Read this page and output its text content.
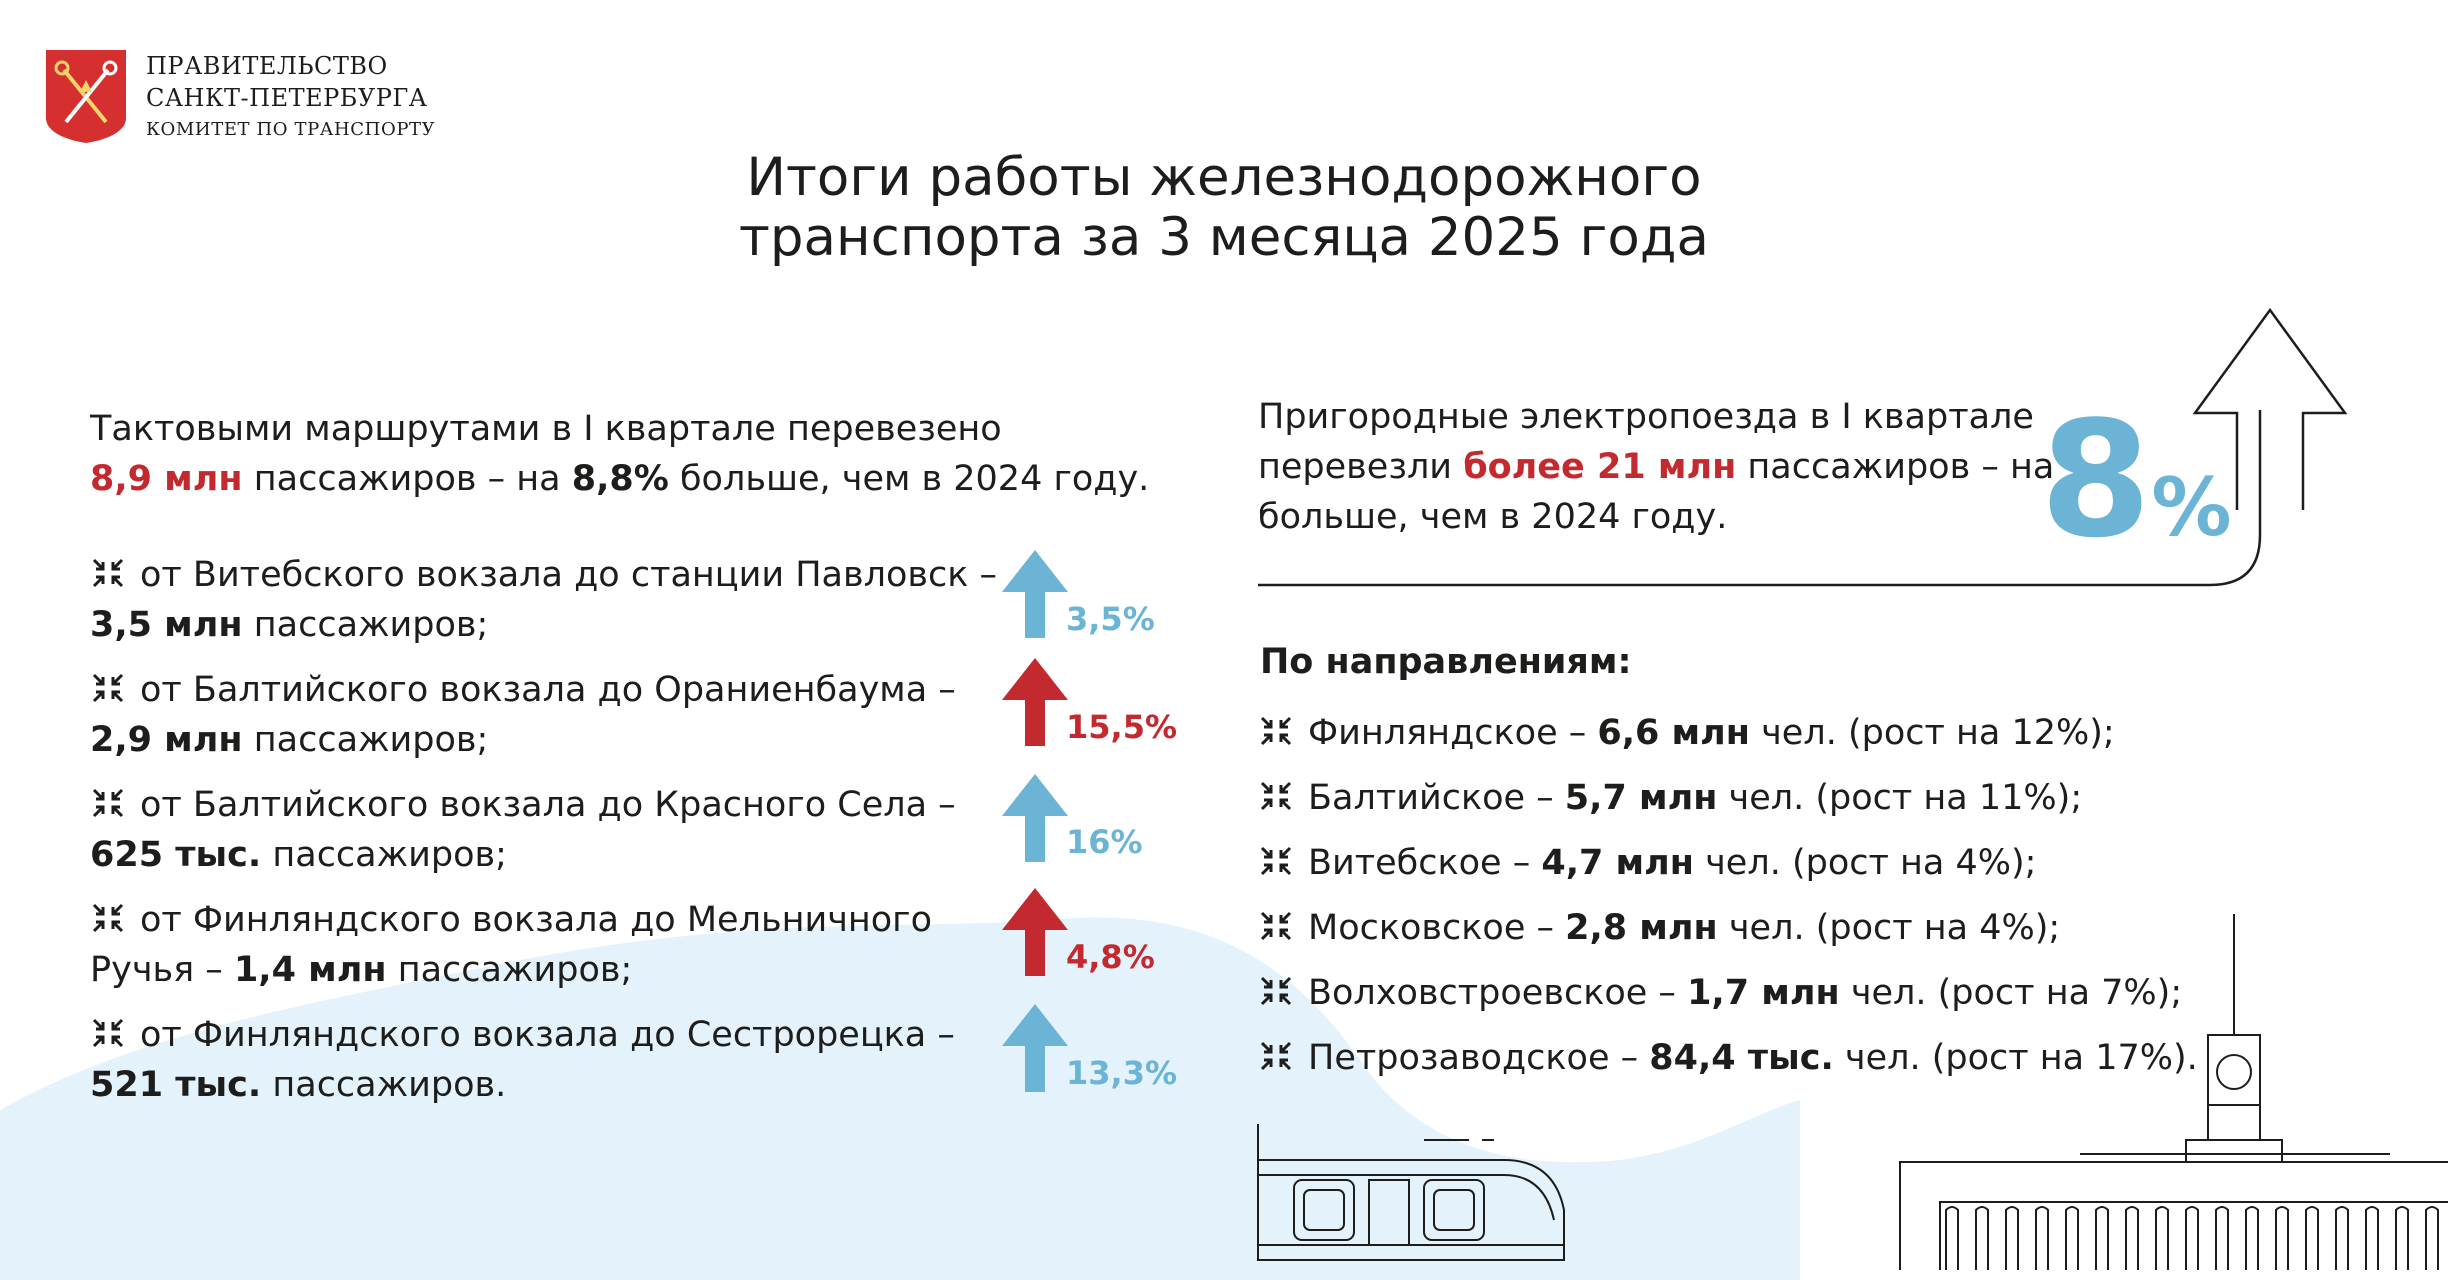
ПРАВИТЕЛЬСТВО
САНКТ-ПЕТЕРБУРГА
КОМИТЕТ ПО ТРАНСПОРТУ
Итоги работы железнодорожного
транспорта за 3 месяца 2025 года
Тактовыми маршрутами в I квартале перевезено
8,9 млн пассажиров – на 8,8% больше, чем в 2024 году.
от Витебского вокзала до станции Павловск –
3,5 млн пассажиров;
от Балтийского вокзала до Ораниенбаума –
2,9 млн пассажиров;
от Балтийского вокзала до Красного Села –
625 тыс. пассажиров;
от Финляндского вокзала до Мельничного
Ручья – 1,4 млн пассажиров;
от Финляндского вокзала до Сестрорецка –
521 тыс. пассажиров.
3,5%
15,5%
16%
4,8%
13,3%
Пригородные электропоезда в I квартале
перевезли более 21 млн пассажиров – на
больше, чем в 2024 году.	8%
По направлениям:
Финляндское – 6,6 млн чел. (рост на 12%);
Балтийское – 5,7 млн чел. (рост на 11%);
Витебское – 4,7 млн чел. (рост на 4%);
Московское – 2,8 млн чел. (рост на 4%);
Волховстроевское – 1,7 млн чел. (рост на 7%);
Петрозаводское – 84,4 тыс. чел. (рост на 17%).
